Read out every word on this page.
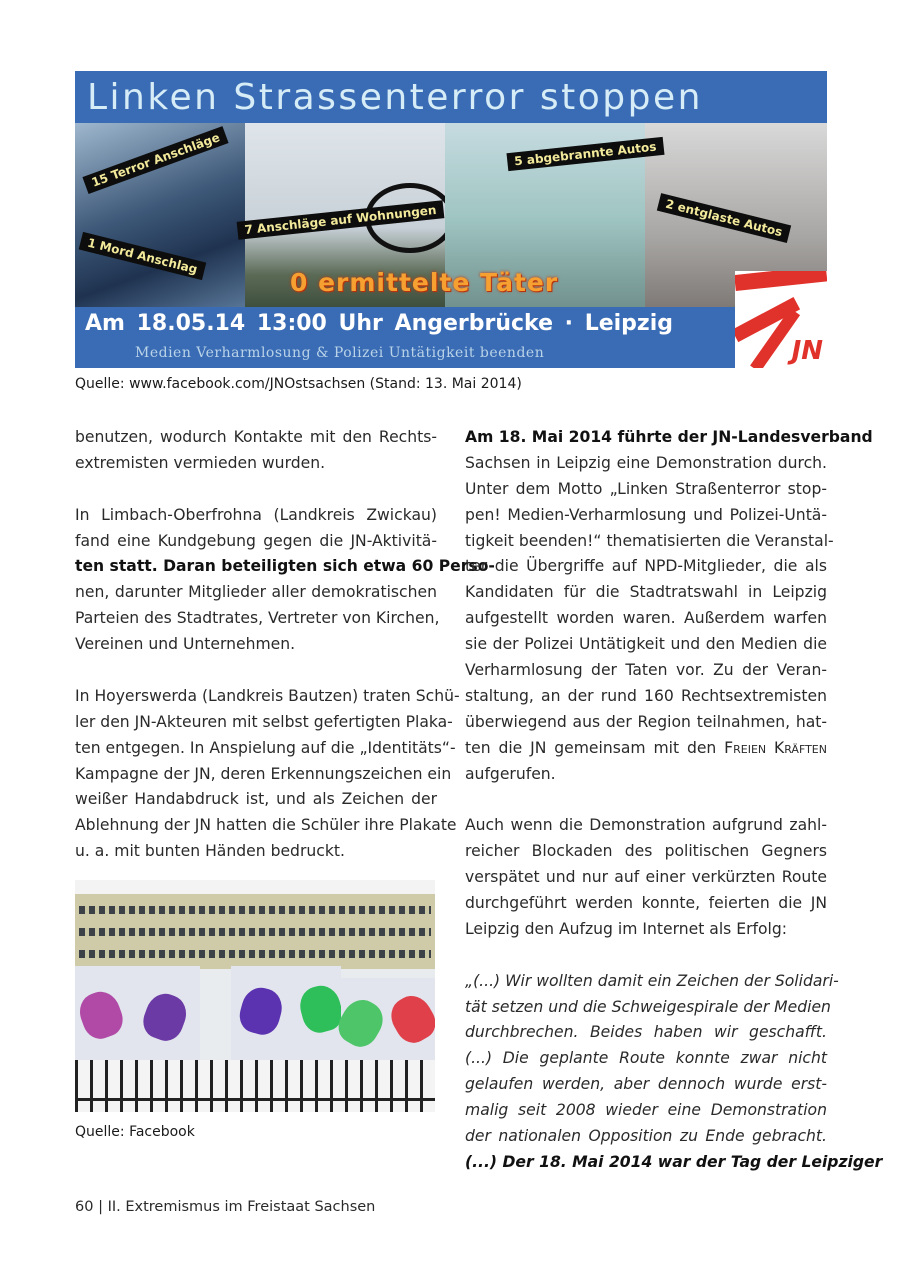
Linken Strassenterror stoppen
15 Terror Anschläge	5 abgebrannte Autos
7 Anschläge auf Wohnungen	2 entglaste Autos
1 Mord Anschlag
0 ermittelte Täter
Am 18.05.14 13:00 Uhr Angerbrücke · Leipzig
Medien Verharmlosung & Polizei Untätigkeit beenden	JN
Quelle: www.facebook.com/JNOstsachsen (Stand: 13. Mai 2014)
benutzen, wodurch Kontakte mit den Rechts-
extremisten vermieden wurden.
In Limbach-Oberfrohna (Landkreis Zwickau)
fand eine Kundgebung gegen die JN-Aktivitä-
ten statt. Daran beteiligten sich etwa 60 Perso-
nen, darunter Mitglieder aller demokratischen
Parteien des Stadtrates, Vertreter von Kirchen,
Vereinen und Unternehmen.
In Hoyerswerda (Landkreis Bautzen) traten Schü-
ler den JN-Akteuren mit selbst gefertigten Plaka-
ten entgegen. In Anspielung auf die „Identitäts“-
Kampagne der JN, deren Erkennungszeichen ein
weißer Handabdruck ist, und als Zeichen der
Ablehnung der JN hatten die Schüler ihre Plakate
u. a. mit bunten Händen bedruckt.
Quelle: Facebook
Am 18. Mai 2014 führte der JN-Landesverband
Sachsen in Leipzig eine Demonstration durch.
Unter dem Motto „Linken Straßenterror stop-
pen! Medien-Verharmlosung und Polizei-Untä-
tigkeit beenden!“ thematisierten die Veranstal-
ter die Übergriffe auf NPD-Mitglieder, die als
Kandidaten für die Stadtratswahl in Leipzig
aufgestellt worden waren. Außerdem warfen
sie der Polizei Untätigkeit und den Medien die
Verharmlosung der Taten vor. Zu der Veran-
staltung, an der rund 160 Rechtsextremisten
überwiegend aus der Region teilnahmen, hat-
ten die JN gemeinsam mit den Freien Kräften
aufgerufen.
Auch wenn die Demonstration aufgrund zahl-
reicher Blockaden des politischen Gegners
verspätet und nur auf einer verkürzten Route
durchgeführt werden konnte, feierten die JN
Leipzig den Aufzug im Internet als Erfolg:
„(...) Wir wollten damit ein Zeichen der Solidari-
tät setzen und die Schweigespirale der Medien
durchbrechen. Beides haben wir geschafft.
(...) Die geplante Route konnte zwar nicht
gelaufen werden, aber dennoch wurde erst-
malig seit 2008 wieder eine Demonstration
der nationalen Opposition zu Ende gebracht.
(...) Der 18. Mai 2014 war der Tag der Leipziger
60 | II. Extremismus im Freistaat Sachsen
